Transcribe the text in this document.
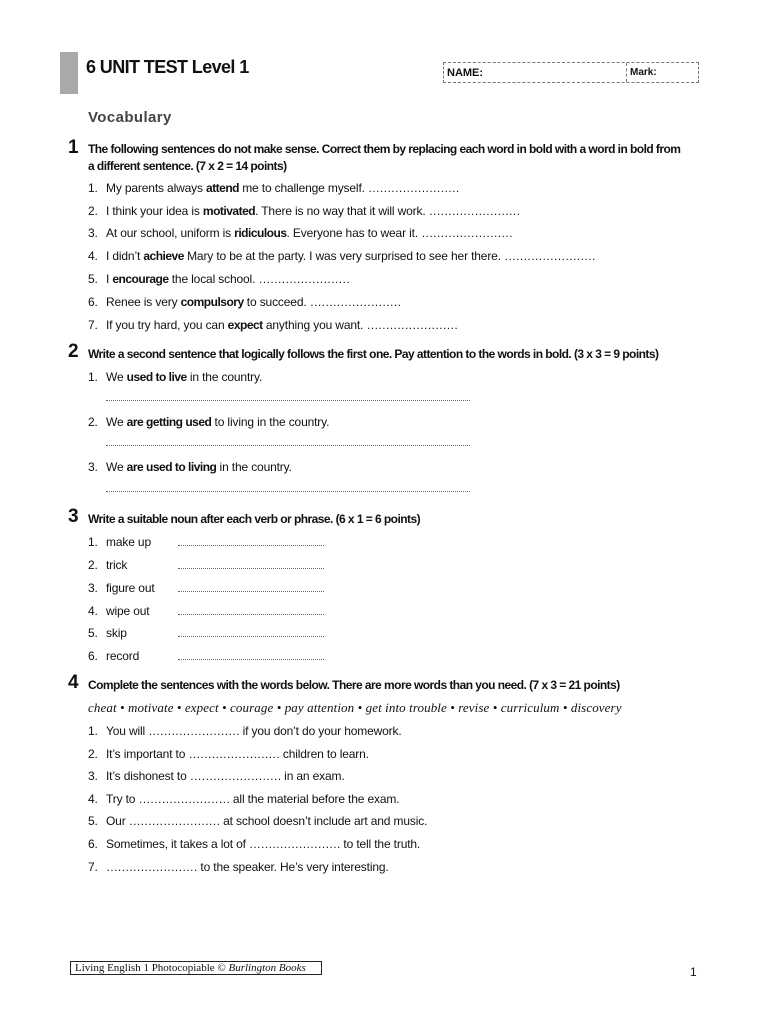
6 UNIT TEST Level 1	NAME:	Mark:
Vocabulary
1 The following sentences do not make sense. Correct them by replacing each word in bold with a word in bold from a different sentence. (7 x 2 = 14 points)
1. My parents always attend me to challenge myself. ……………………
2. I think your idea is motivated. There is no way that it will work. ……………………
3. At our school, uniform is ridiculous. Everyone has to wear it. ……………………
4. I didn’t achieve Mary to be at the party. I was very surprised to see her there. ……………………
5. I encourage the local school. ……………………
6. Renee is very compulsory to succeed. ……………………
7. If you try hard, you can expect anything you want. ……………………
2 Write a second sentence that logically follows the first one. Pay attention to the words in bold. (3 x 3 = 9 points)
1. We used to live in the country.
2. We are getting used to living in the country.
3. We are used to living in the country.
3 Write a suitable noun after each verb or phrase. (6 x 1 = 6 points)
1. make up
2. trick
3. figure out
4. wipe out
5. skip
6. record
4 Complete the sentences with the words below. There are more words than you need. (7 x 3 = 21 points)
cheat • motivate • expect • courage • pay attention • get into trouble • revise • curriculum • discovery
1. You will …………………… if you don’t do your homework.
2. It’s important to …………………… children to learn.
3. It’s dishonest to …………………… in an exam.
4. Try to …………………… all the material before the exam.
5. Our …………………… at school doesn’t include art and music.
6. Sometimes, it takes a lot of …………………… to tell the truth.
7. …………………… to the speaker. He’s very interesting.
Living English 1 Photocopiable © Burlington Books	1
